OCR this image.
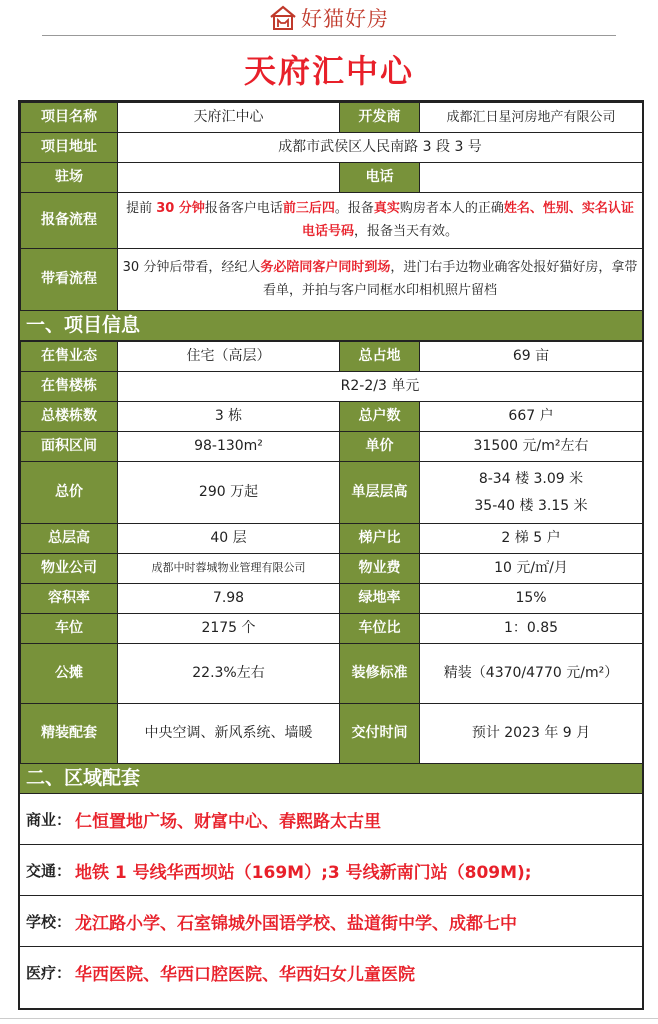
好猫好房
天府汇中心
项目名称	天府汇中心	开发商	成都汇日星河房地产有限公司
项目地址	成都市武侯区人民南路 3 段 3 号		
驻场		电话	
报备流程	提前 30 分钟报备客户电话前三后四。报备真实购房者本人的正确姓名、性别、实名认证电话号码，报备当天有效。		
带看流程	30 分钟后带看，经纪人务必陪同客户同时到场，进门右手边物业确客处报好猫好房，拿带看单，并拍与客户同框水印相机照片留档		
一、项目信息
在售业态	住宅（高层）	总占地	69 亩
在售楼栋	R2-2/3 单元		
总楼栋数	3 栋	总户数	667 户
面积区间	98-130m²	单价	31500 元/m²左右
总价	290 万起	单层层高	8-34 楼 3.09 米
35-40 楼 3.15 米

总层高	40 层	梯户比	2 梯 5 户
物业公司	成都中时蓉城物业管理有限公司	物业费	10 元/㎡/月
容积率	7.98	绿地率	15%
车位	2175 个	车位比	1：0.85
公摊	22.3%左右	装修标准	精装（4370/4770 元/m²）
精装配套	中央空调、新风系统、墙暖	交付时间	预计 2023 年 9 月
二、区域配套
商业： 仁恒置地广场、财富中心、春熙路太古里
交通： 地铁 1 号线华西坝站（169M）;3 号线新南门站（809M);
学校： 龙江路小学、石室锦城外国语学校、盐道街中学、成都七中
医疗： 华西医院、华西口腔医院、华西妇女儿童医院
